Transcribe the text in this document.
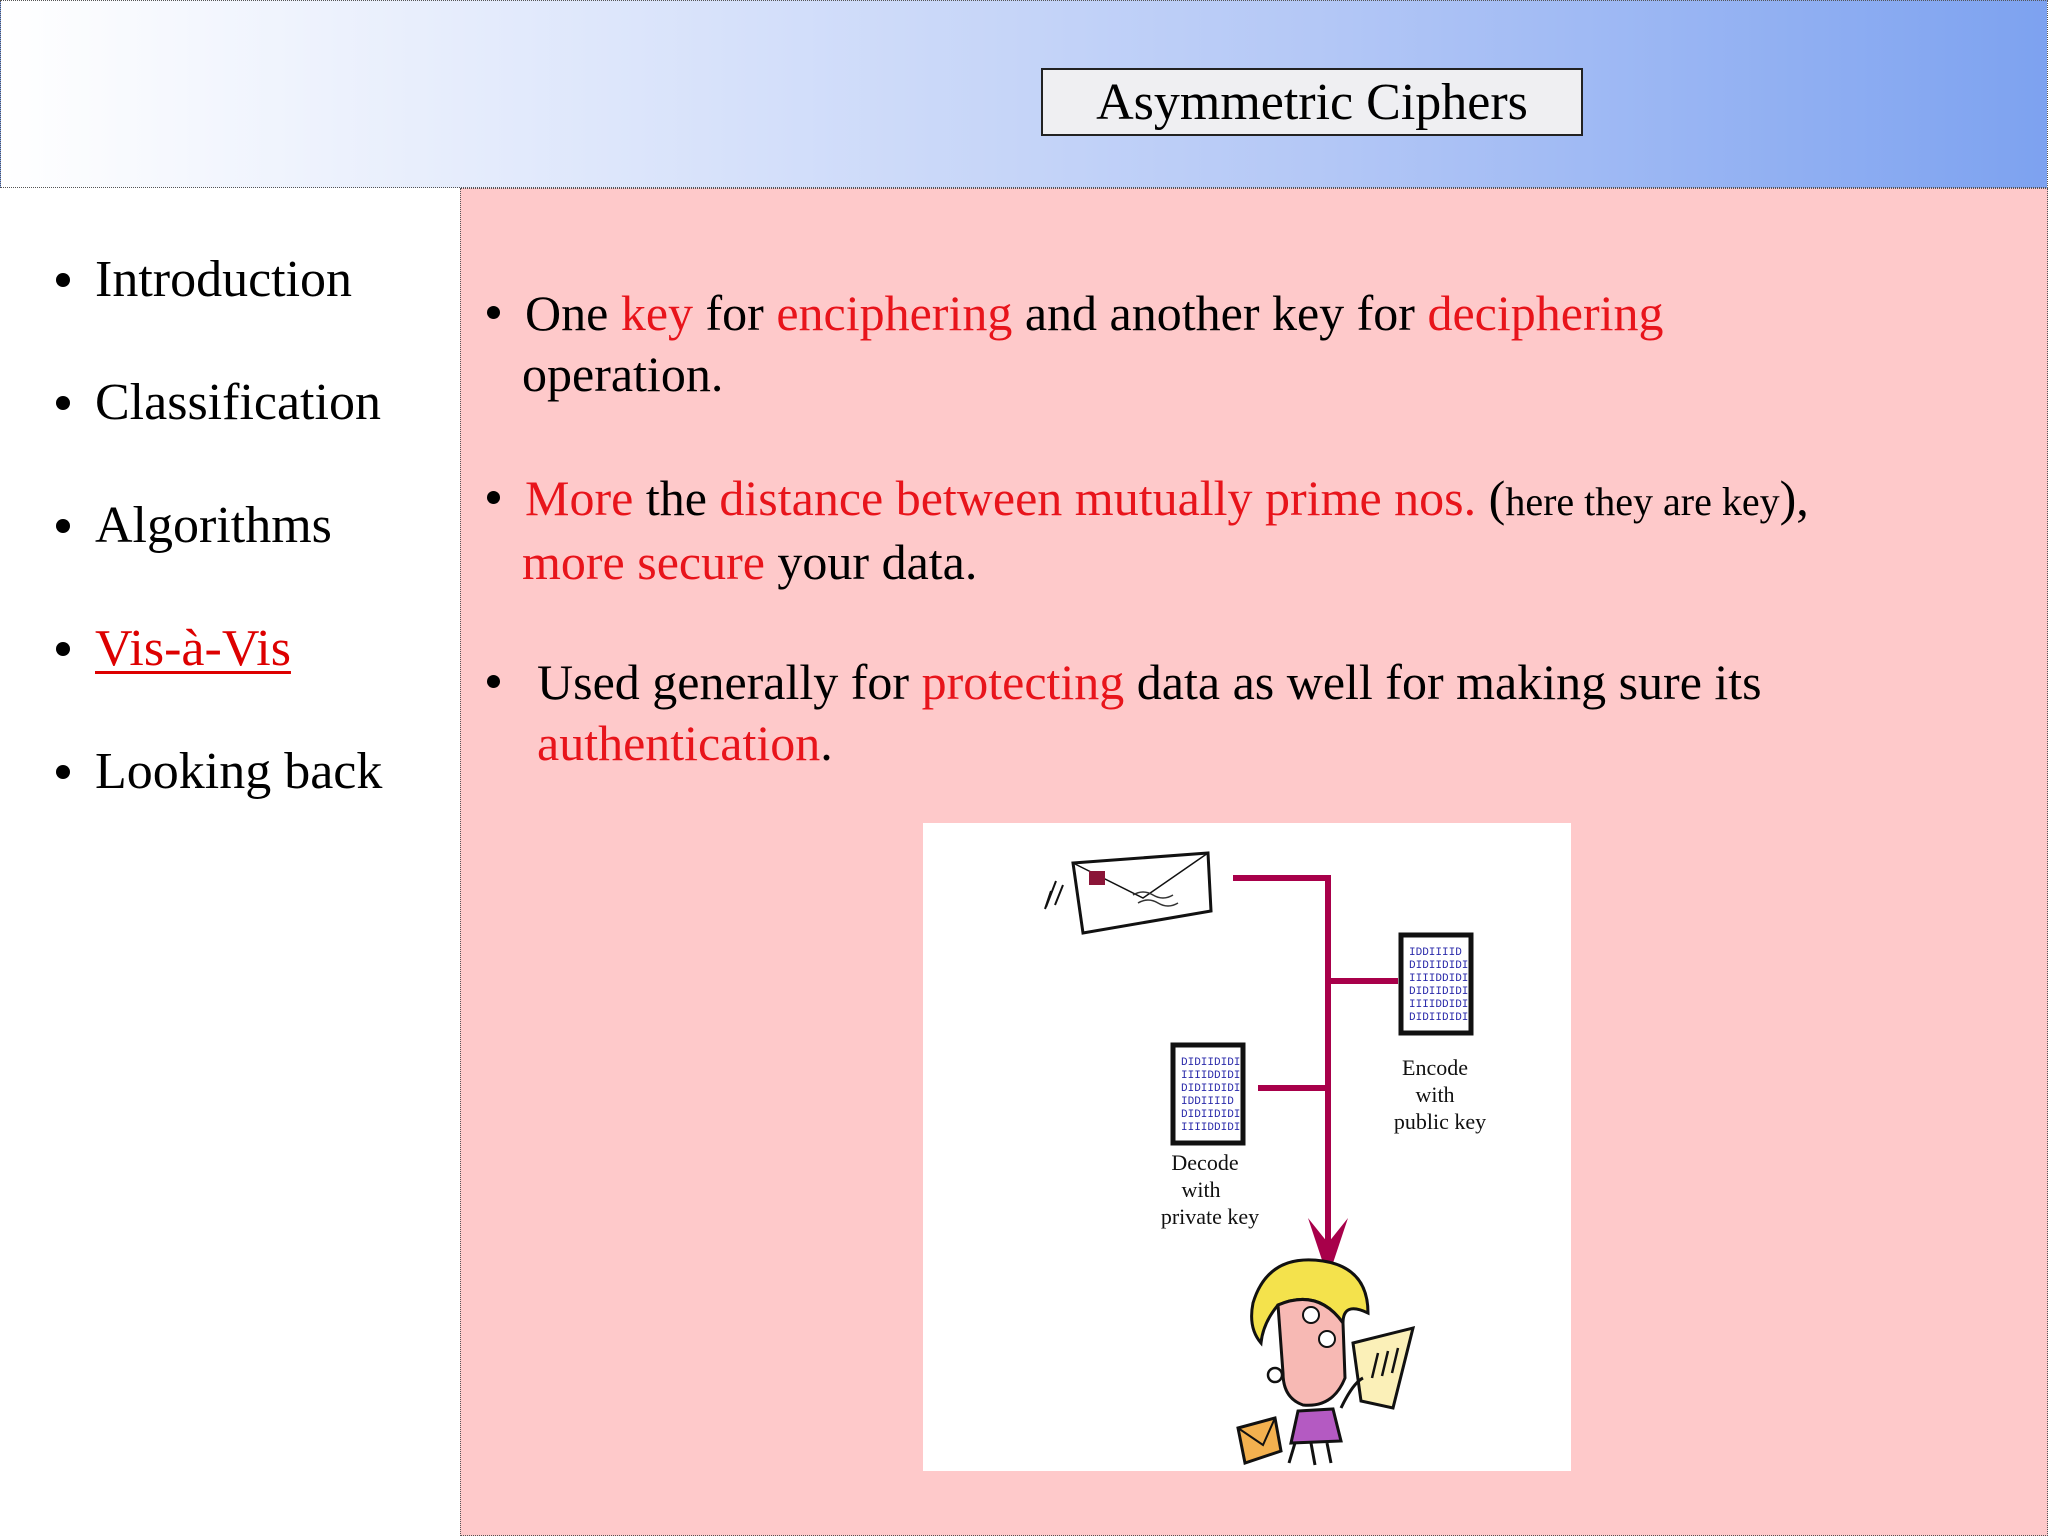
Asymmetric Ciphers
Introduction
Classification
Algorithms
Vis-à-Vis
Looking back
One key for enciphering and another key for deciphering
operation.
More the distance between mutually prime nos. (here they are key),
more secure your data.
Used generally for protecting data as well for making sure its
authentication.
IDDIIIID
DIDIIDIDI
IIIIDDIDI
DIDIIDIDI
IIIIDDIDI
DIDIIDIDI
Encode
with
public key
DIDIIDIDI
IIIIDDIDI
DIDIIDIDI
IDDIIIID
DIDIIDIDI
IIIIDDIDI
Decode
with
private key
